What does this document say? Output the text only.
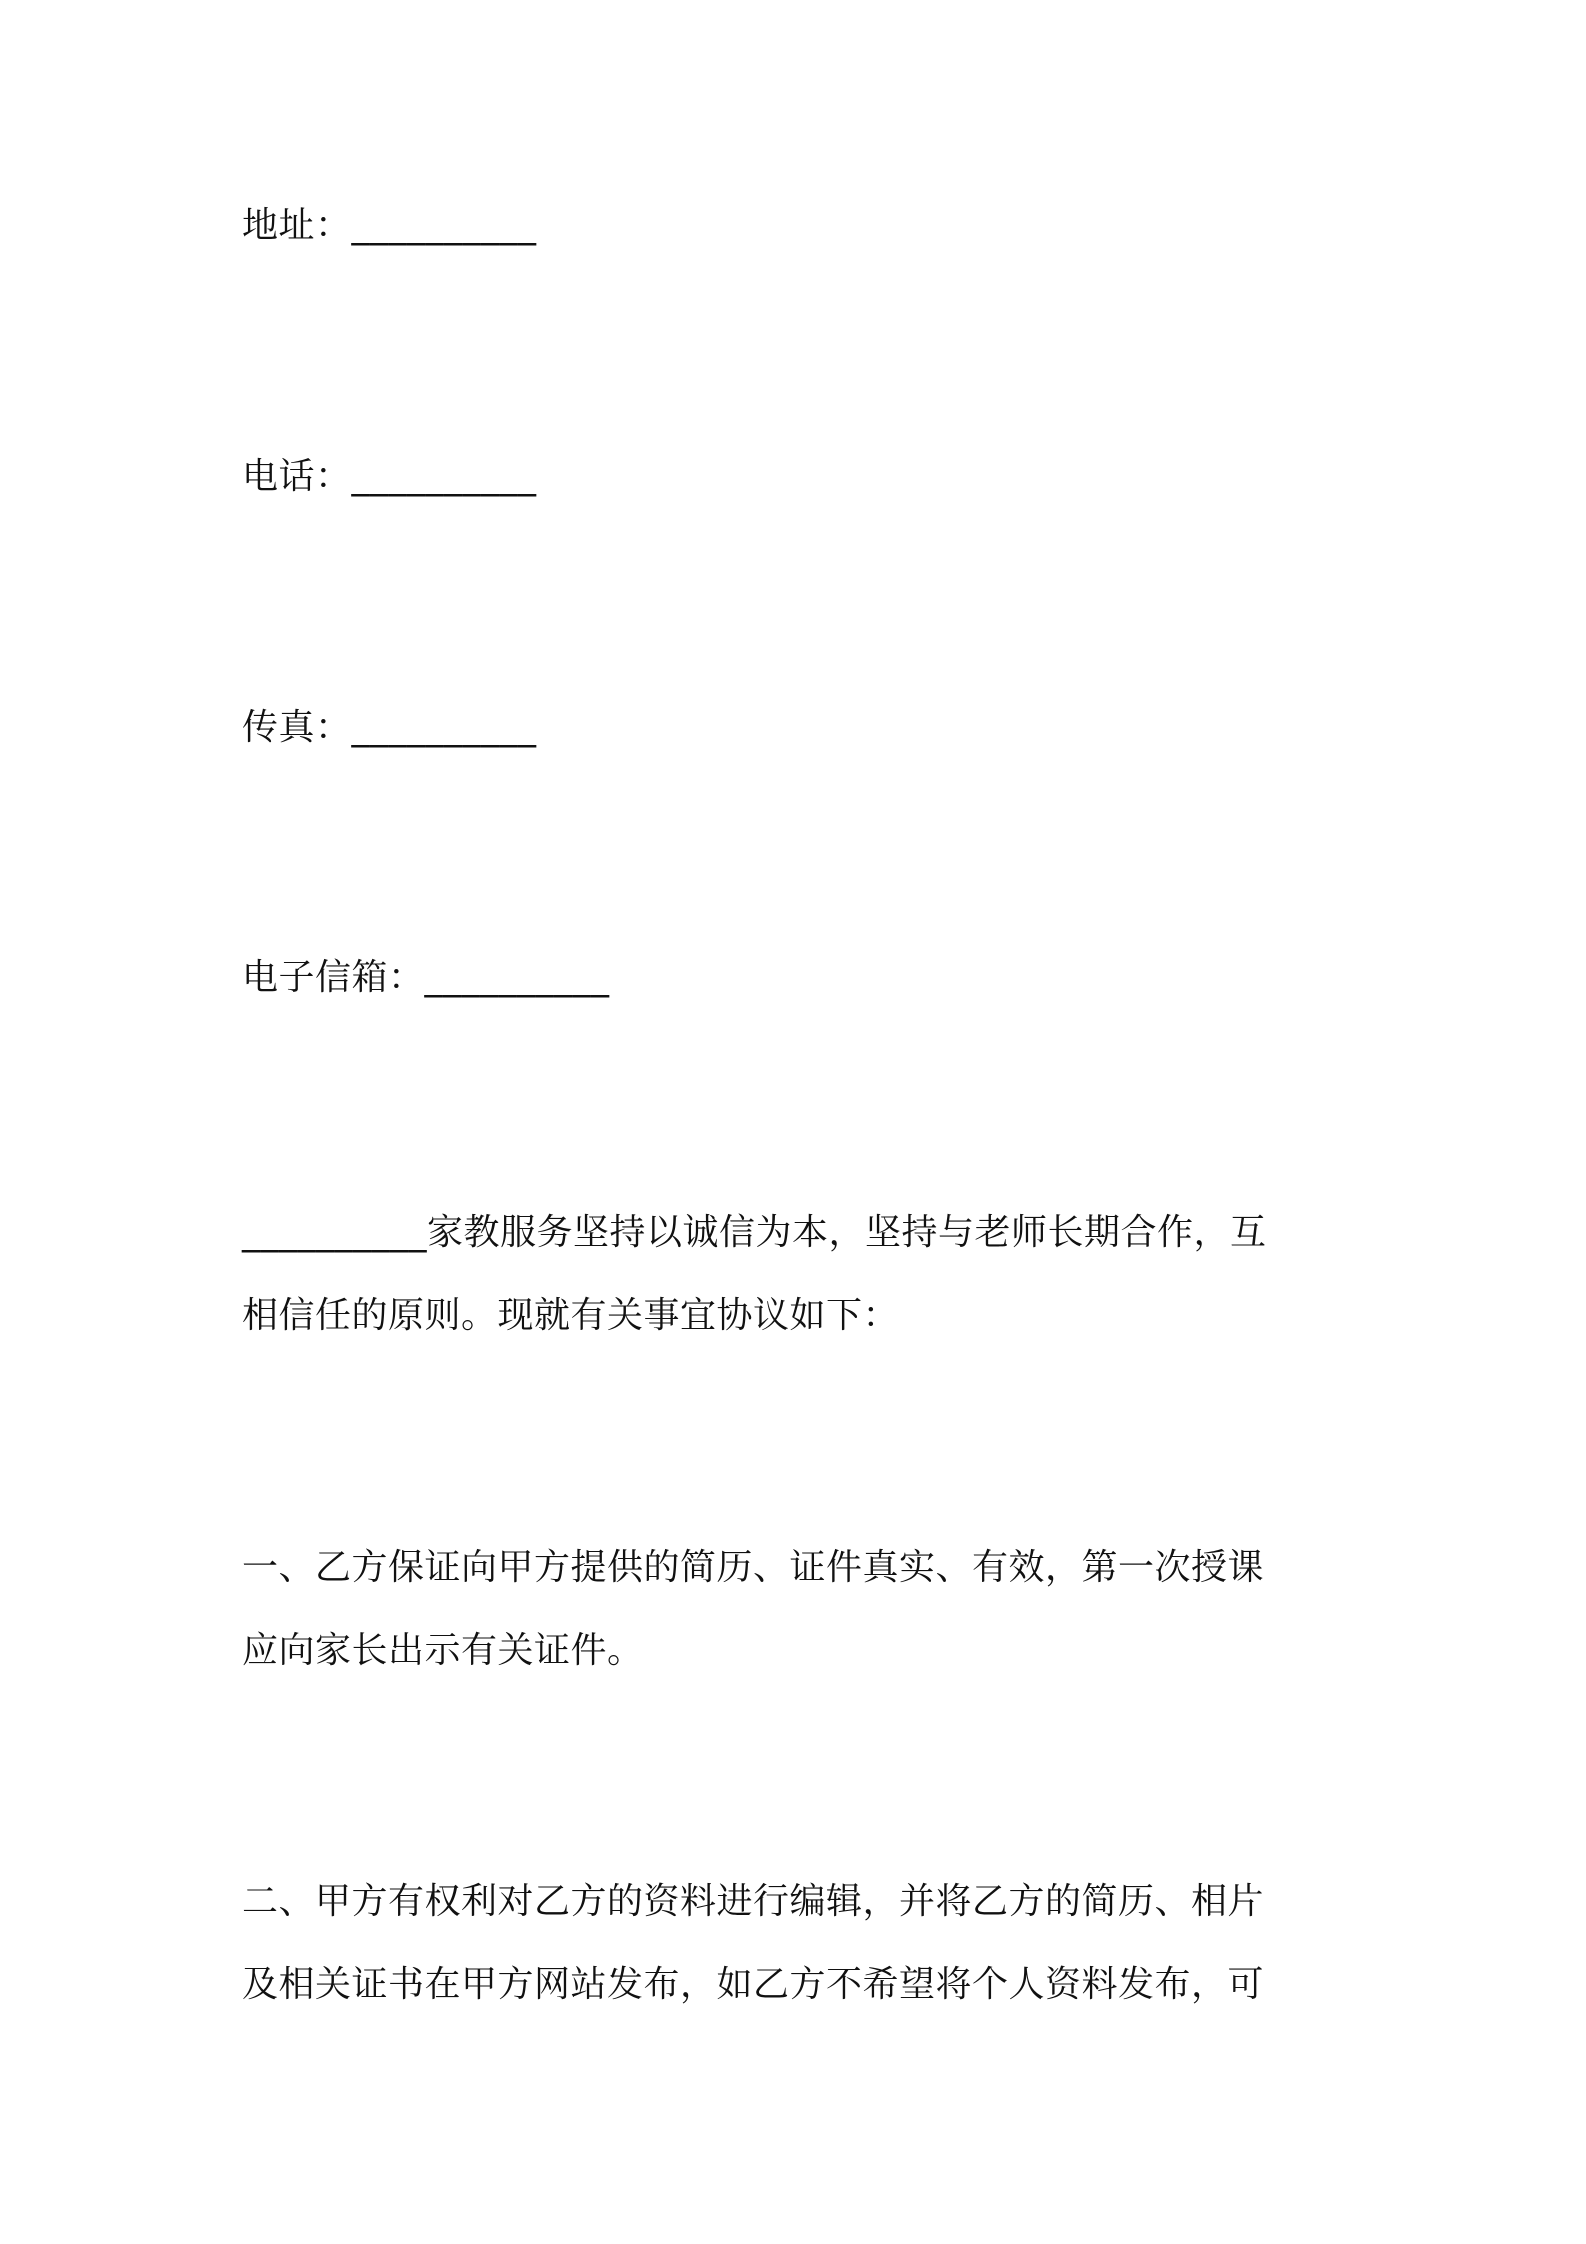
地址：__________
电话：__________
传真：__________
电子信箱：__________
__________家教服务坚持以诚信为本，坚持与老师长期合作，互
相信任的原则。现就有关事宜协议如下：
一、乙方保证向甲方提供的简历、证件真实、有效，第一次授课
应向家长出示有关证件。
二、甲方有权利对乙方的资料进行编辑，并将乙方的简历、相片
及相关证书在甲方网站发布，如乙方不希望将个人资料发布，可
